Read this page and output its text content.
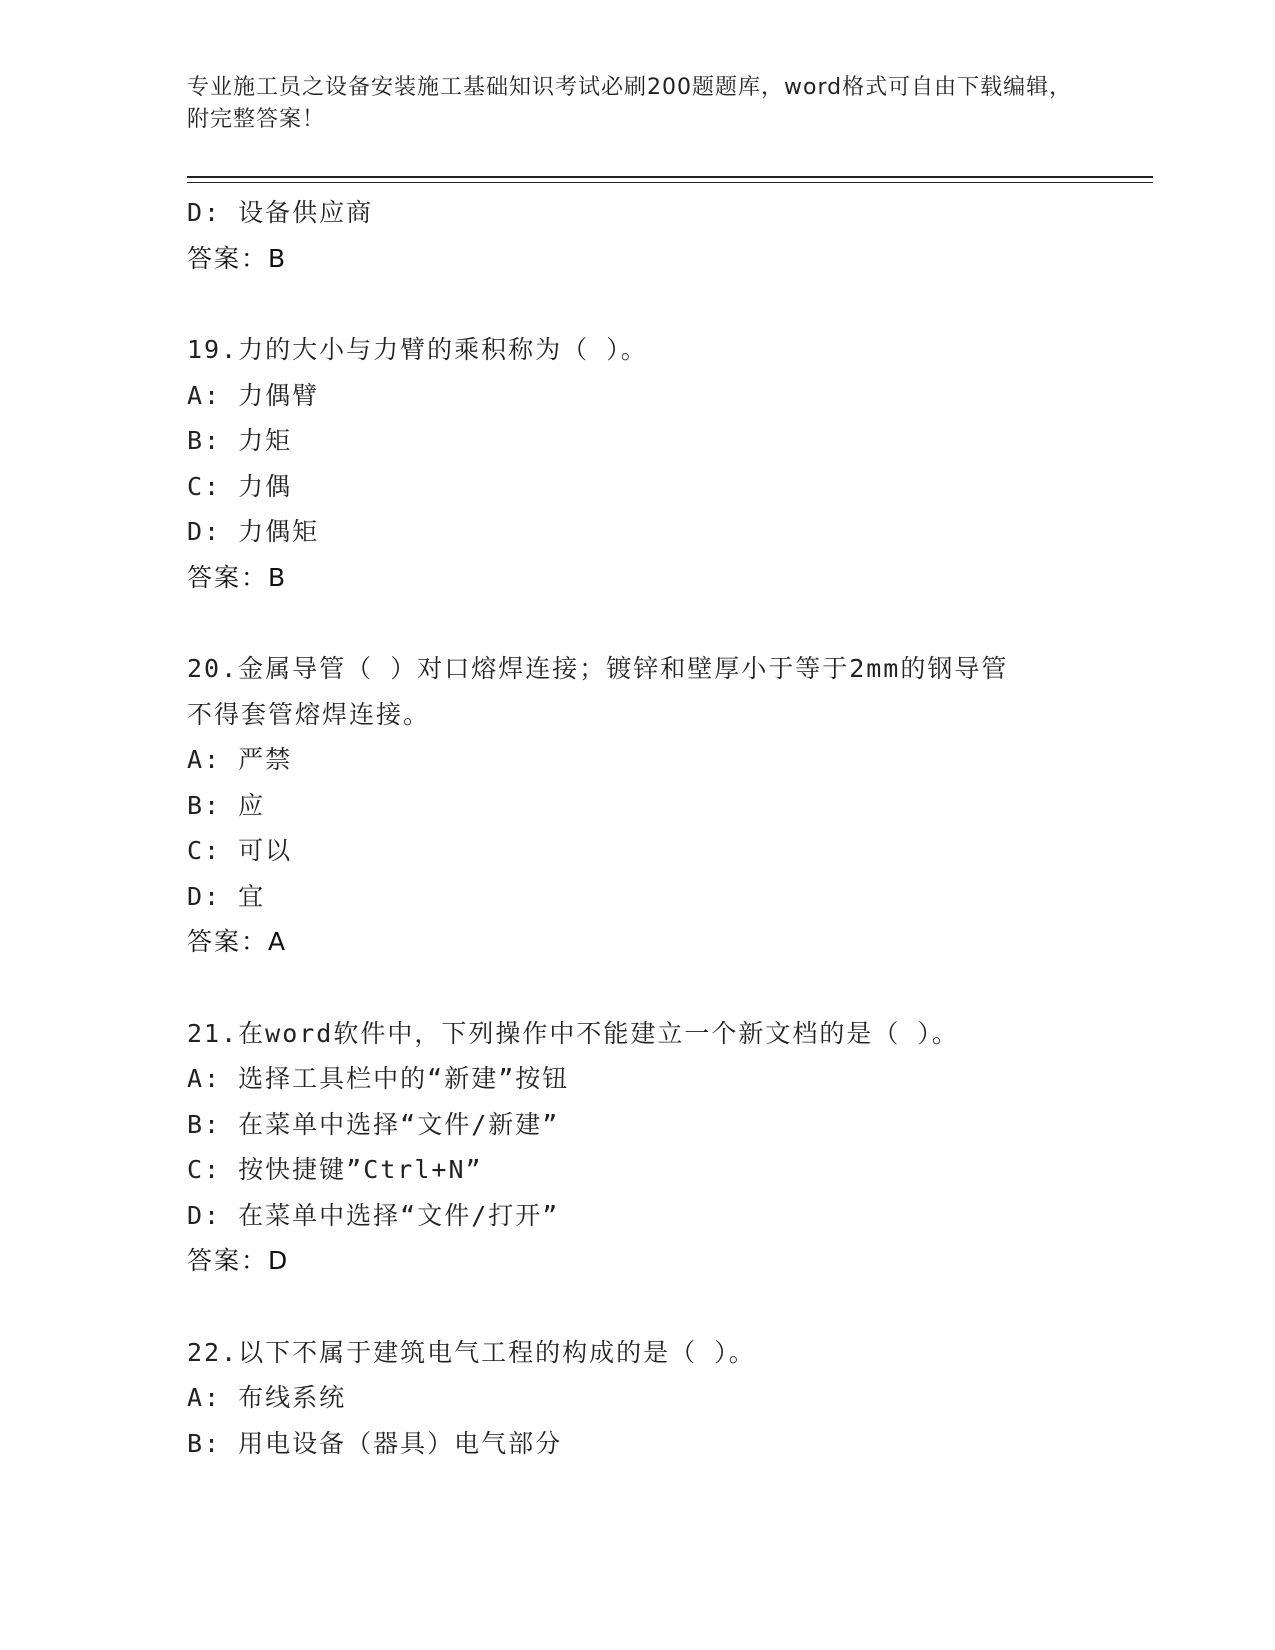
专业施工员之设备安装施工基础知识考试必刷200题题库，word格式可自由下载编辑，附完整答案！
D: 设备供应商
答案：B
19.力的大小与力臂的乘积称为（ ）。
A: 力偶臂
B: 力矩
C: 力偶
D: 力偶矩
答案：B
20.金属导管（ ）对口熔焊连接；镀锌和壁厚小于等于2mm的钢导管
不得套管熔焊连接。
A: 严禁
B: 应
C: 可以
D: 宜
答案：A
21.在word软件中，下列操作中不能建立一个新文档的是（ ）。
A: 选择工具栏中的“新建”按钮
B: 在菜单中选择“文件/新建”
C: 按快捷键”Ctrl+N”
D: 在菜单中选择“文件/打开”
答案：D
22.以下不属于建筑电气工程的构成的是（ ）。
A: 布线系统
B: 用电设备（器具）电气部分
